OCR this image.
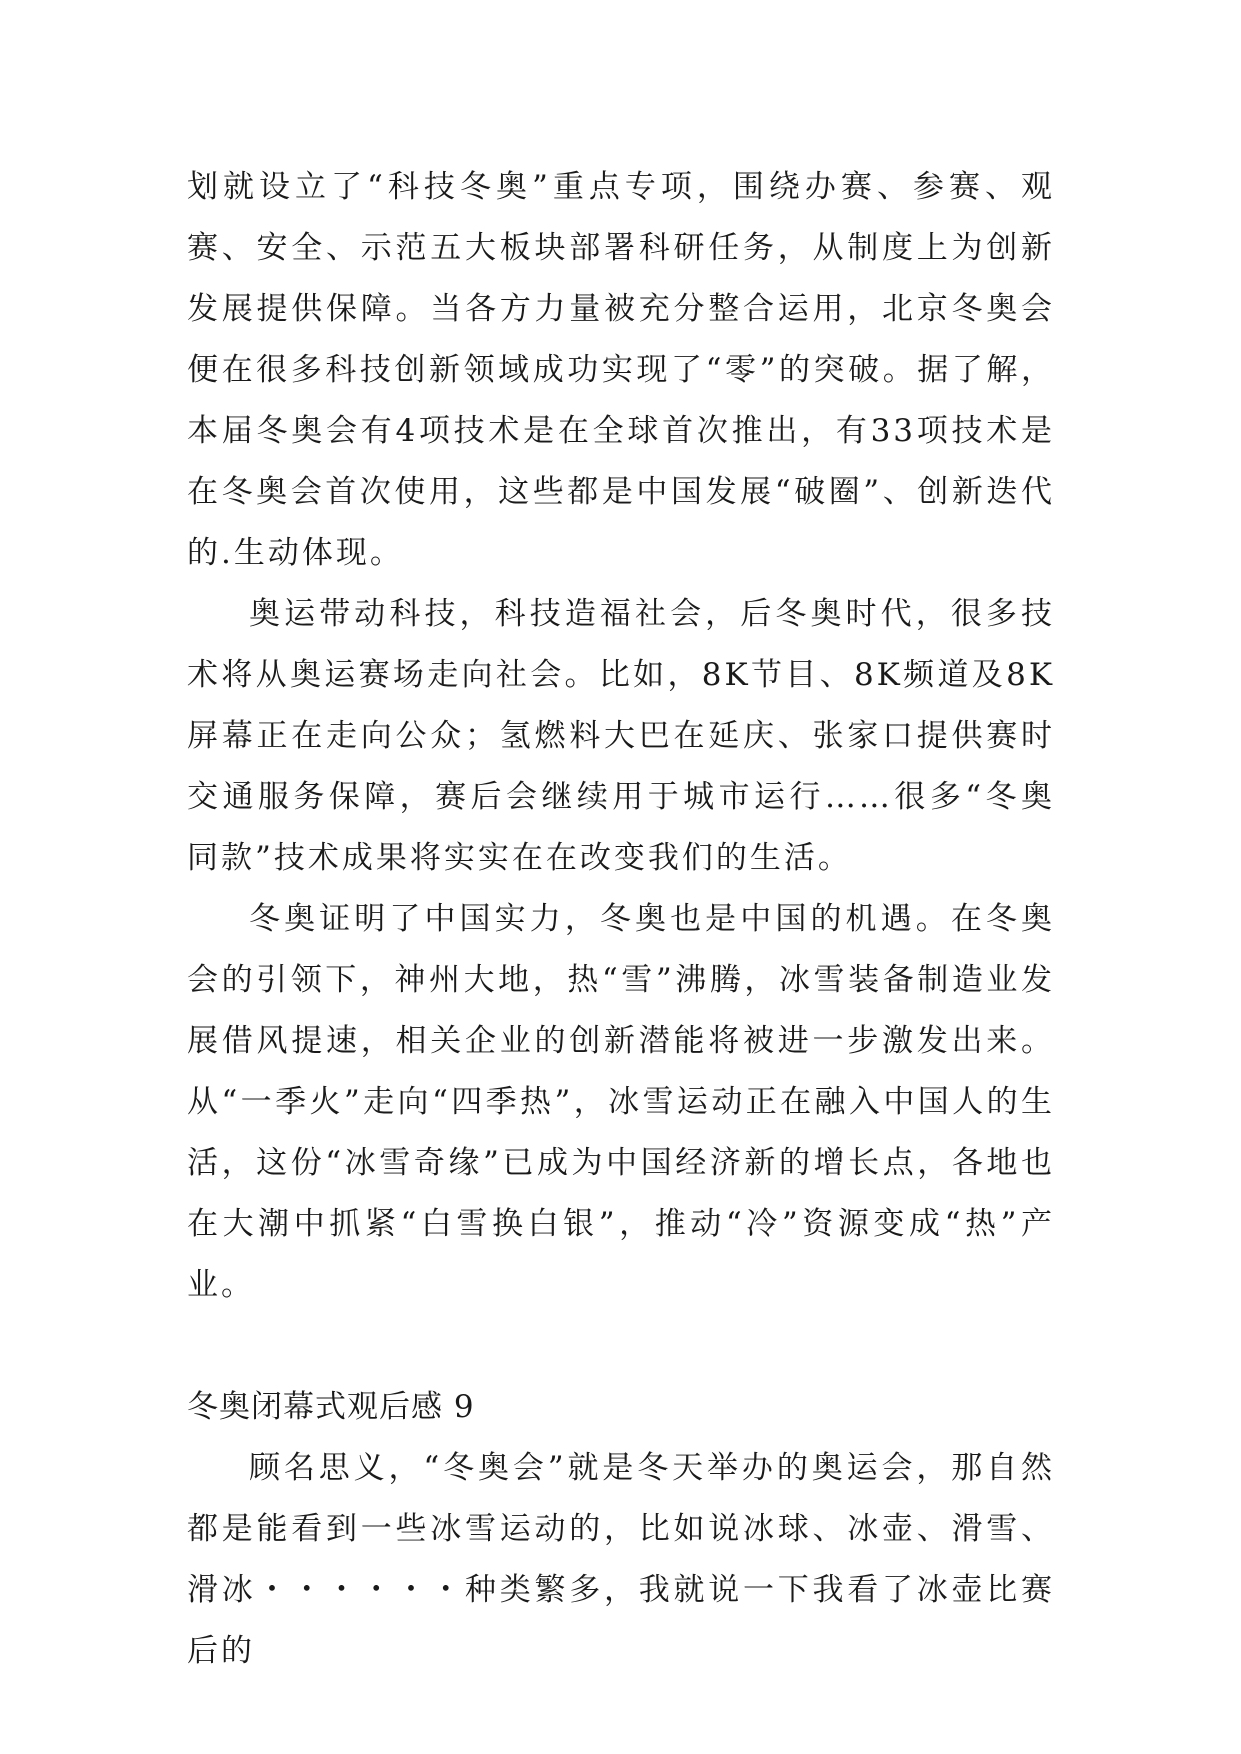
划就设立了“科技冬奥”重点专项，围绕办赛、参赛、观赛、安全、示范五大板块部署科研任务，从制度上为创新发展提供保障。当各方力量被充分整合运用，北京冬奥会便在很多科技创新领域成功实现了“零”的突破。据了解，本届冬奥会有4项技术是在全球首次推出，有33项技术是在冬奥会首次使用，这些都是中国发展“破圈”、创新迭代的.生动体现。

奥运带动科技，科技造福社会，后冬奥时代，很多技术将从奥运赛场走向社会。比如，8K节目、8K频道及8K屏幕正在走向公众；氢燃料大巴在延庆、张家口提供赛时交通服务保障，赛后会继续用于城市运行……很多“冬奥同款”技术成果将实实在在改变我们的生活。

冬奥证明了中国实力，冬奥也是中国的机遇。在冬奥会的引领下，神州大地，热“雪”沸腾，冰雪装备制造业发展借风提速，相关企业的创新潜能将被进一步激发出来。从“一季火”走向“四季热”，冰雪运动正在融入中国人的生活，这份“冰雪奇缘”已成为中国经济新的增长点，各地也在大潮中抓紧“白雪换白银”，推动“冷”资源变成“热”产业。

冬奥闭幕式观后感 9

顾名思义，“冬奥会”就是冬天举办的奥运会，那自然都是能看到一些冰雪运动的，比如说冰球、冰壶、滑雪、滑冰・・・・・・种类繁多，我就说一下我看了冰壶比赛后的
